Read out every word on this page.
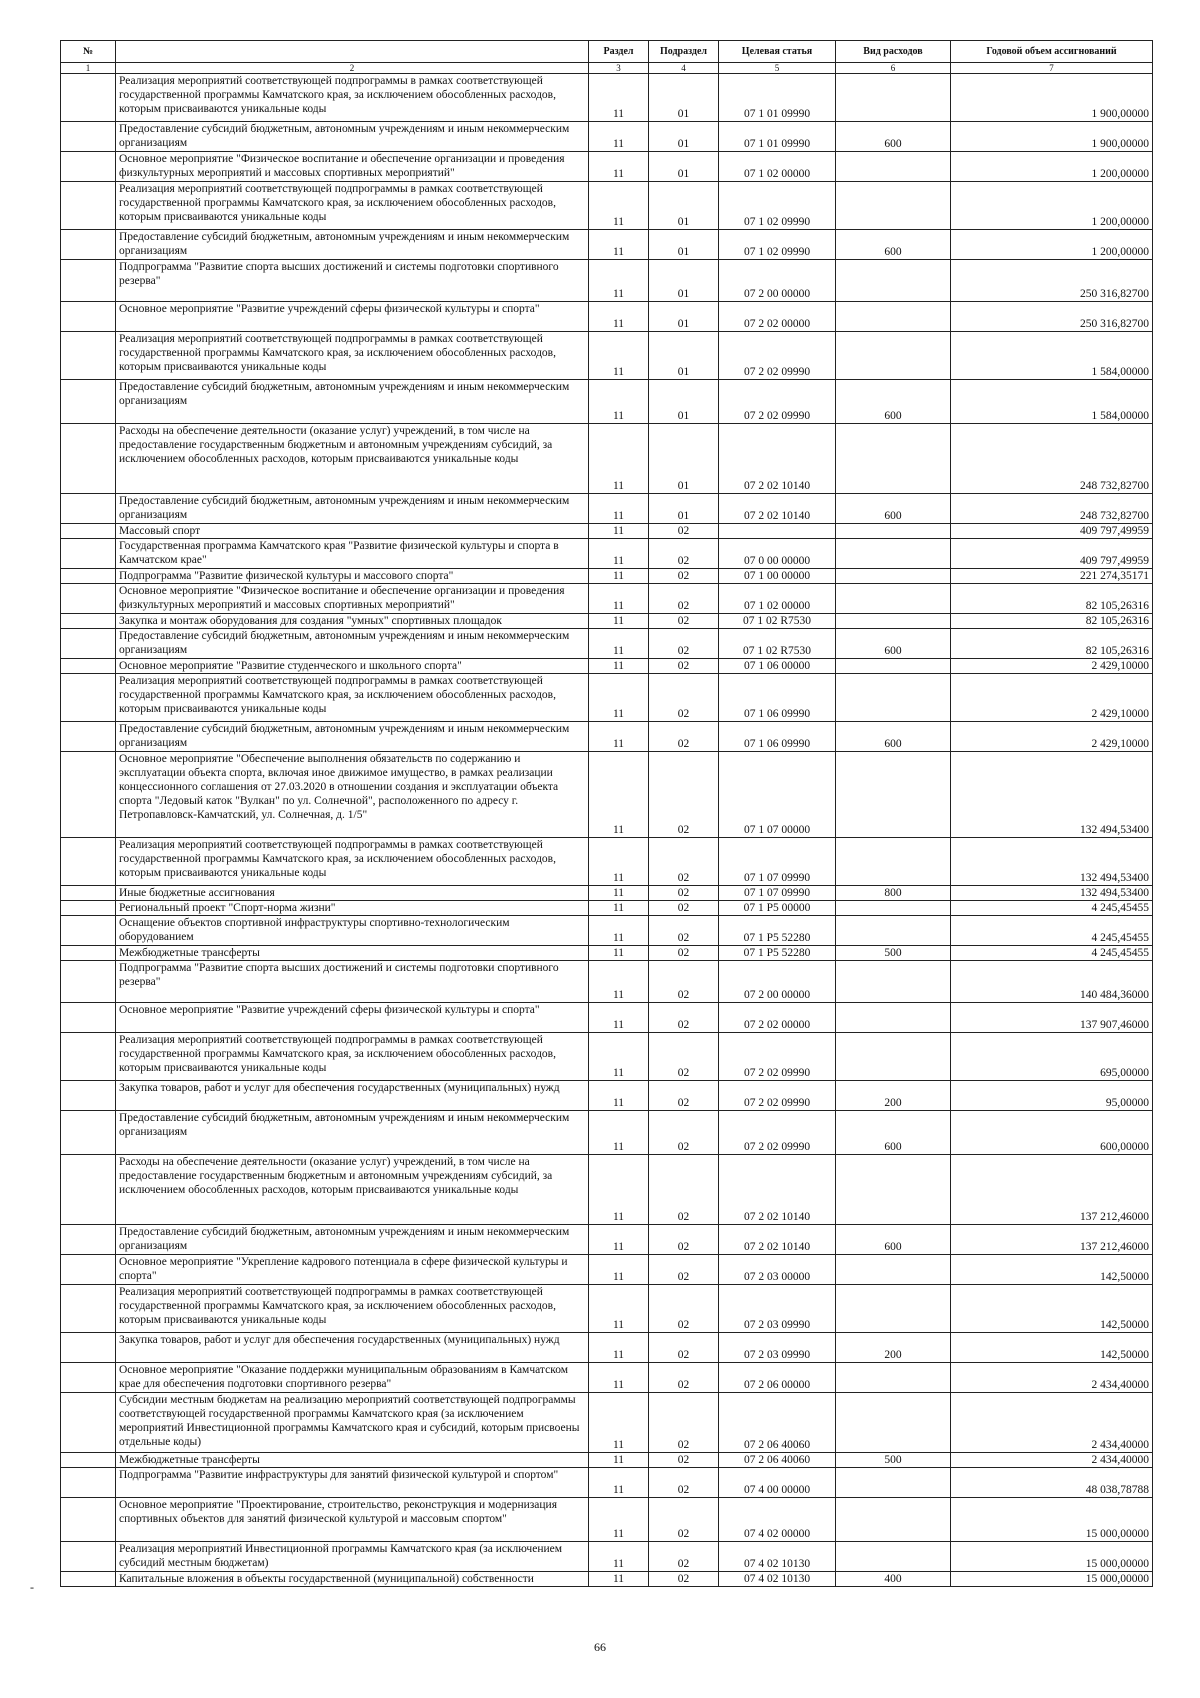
№		Раздел	Подраздел	Целевая статья	Вид расходов	Годовой объем ассигнований
1	2	3	4	5	6	7
	Реализация мероприятий соответствующей подпрограммы в рамках соответствующей государственной программы Камчатского края, за исключением обособленных расходов, которым присваиваются уникальные коды	11	01	07 1 01 09990		1 900,00000
	Предоставление субсидий бюджетным, автономным учреждениям и иным некоммерческим организациям	11	01	07 1 01 09990	600	1 900,00000
	Основное мероприятие "Физическое воспитание и обеспечение организации и проведения физкультурных мероприятий и массовых спортивных мероприятий"	11	01	07 1 02 00000		1 200,00000
	Реализация мероприятий соответствующей подпрограммы в рамках соответствующей государственной программы Камчатского края, за исключением обособленных расходов, которым присваиваются уникальные коды	11	01	07 1 02 09990		1 200,00000
	Предоставление субсидий бюджетным, автономным учреждениям и иным некоммерческим организациям	11	01	07 1 02 09990	600	1 200,00000
	Подпрограмма "Развитие спорта высших достижений и системы подготовки спортивного резерва"	11	01	07 2 00 00000		250 316,82700
	Основное мероприятие "Развитие учреждений сферы физической культуры и спорта"	11	01	07 2 02 00000		250 316,82700
	Реализация мероприятий соответствующей подпрограммы в рамках соответствующей государственной программы Камчатского края, за исключением обособленных расходов, которым присваиваются уникальные коды	11	01	07 2 02 09990		1 584,00000
	Предоставление субсидий бюджетным, автономным учреждениям и иным некоммерческим организациям	11	01	07 2 02 09990	600	1 584,00000
	Расходы на обеспечение деятельности (оказание услуг) учреждений, в том числе на предоставление государственным бюджетным и автономным учреждениям субсидий, за исключением обособленных расходов, которым присваиваются уникальные коды	11	01	07 2 02 10140		248 732,82700
	Предоставление субсидий бюджетным, автономным учреждениям и иным некоммерческим организациям	11	01	07 2 02 10140	600	248 732,82700
	Массовый спорт	11	02			409 797,49959
	Государственная программа Камчатского края "Развитие физической культуры и спорта в Камчатском крае"	11	02	07 0 00 00000		409 797,49959
	Подпрограмма "Развитие физической культуры и массового спорта"	11	02	07 1 00 00000		221 274,35171
	Основное мероприятие "Физическое воспитание и обеспечение организации и проведения физкультурных мероприятий и массовых спортивных мероприятий"	11	02	07 1 02 00000		82 105,26316
	Закупка и монтаж оборудования для создания "умных" спортивных площадок	11	02	07 1 02 R7530		82 105,26316
	Предоставление субсидий бюджетным, автономным учреждениям и иным некоммерческим организациям	11	02	07 1 02 R7530	600	82 105,26316
	Основное мероприятие "Развитие студенческого и школьного спорта"	11	02	07 1 06 00000		2 429,10000
	Реализация мероприятий соответствующей подпрограммы в рамках соответствующей государственной программы Камчатского края, за исключением обособленных расходов, которым присваиваются уникальные коды	11	02	07 1 06 09990		2 429,10000
	Предоставление субсидий бюджетным, автономным учреждениям и иным некоммерческим организациям	11	02	07 1 06 09990	600	2 429,10000
	Основное мероприятие "Обеспечение выполнения обязательств по содержанию и эксплуатации объекта спорта, включая иное движимое имущество, в рамках реализации концессионного соглашения от 27.03.2020 в отношении создания и эксплуатации объекта спорта "Ледовый каток "Вулкан" по ул. Солнечной", расположенного по адресу г. Петропавловск-Камчатский, ул. Солнечная, д. 1/5"	11	02	07 1 07 00000		132 494,53400
	Реализация мероприятий соответствующей подпрограммы в рамках соответствующей государственной программы Камчатского края, за исключением обособленных расходов, которым присваиваются уникальные коды	11	02	07 1 07 09990		132 494,53400
	Иные бюджетные ассигнования	11	02	07 1 07 09990	800	132 494,53400
	Региональный проект "Спорт-норма жизни"	11	02	07 1 P5 00000		4 245,45455
	Оснащение объектов спортивной инфраструктуры спортивно-технологическим оборудованием	11	02	07 1 P5 52280		4 245,45455
	Межбюджетные трансферты	11	02	07 1 P5 52280	500	4 245,45455
	Подпрограмма "Развитие спорта высших достижений и системы подготовки спортивного резерва"	11	02	07 2 00 00000		140 484,36000
	Основное мероприятие "Развитие учреждений сферы физической культуры и спорта"	11	02	07 2 02 00000		137 907,46000
	Реализация мероприятий соответствующей подпрограммы в рамках соответствующей государственной программы Камчатского края, за исключением обособленных расходов, которым присваиваются уникальные коды	11	02	07 2 02 09990		695,00000
	Закупка товаров, работ и услуг для обеспечения государственных (муниципальных) нужд	11	02	07 2 02 09990	200	95,00000
	Предоставление субсидий бюджетным, автономным учреждениям и иным некоммерческим организациям	11	02	07 2 02 09990	600	600,00000
	Расходы на обеспечение деятельности (оказание услуг) учреждений, в том числе на предоставление государственным бюджетным и автономным учреждениям субсидий, за исключением обособленных расходов, которым присваиваются уникальные коды	11	02	07 2 02 10140		137 212,46000
	Предоставление субсидий бюджетным, автономным учреждениям и иным некоммерческим организациям	11	02	07 2 02 10140	600	137 212,46000
	Основное мероприятие "Укрепление кадрового потенциала в сфере физической культуры и спорта"	11	02	07 2 03 00000		142,50000
	Реализация мероприятий соответствующей подпрограммы в рамках соответствующей государственной программы Камчатского края, за исключением обособленных расходов, которым присваиваются уникальные коды	11	02	07 2 03 09990		142,50000
	Закупка товаров, работ и услуг для обеспечения государственных (муниципальных) нужд	11	02	07 2 03 09990	200	142,50000
	Основное мероприятие "Оказание поддержки муниципальным образованиям в Камчатском крае для обеспечения подготовки спортивного резерва"	11	02	07 2 06 00000		2 434,40000
	Субсидии местным бюджетам на реализацию мероприятий соответствующей подпрограммы соответствующей государственной программы Камчатского края (за исключением мероприятий Инвестиционной программы Камчатского края и субсидий, которым присвоены отдельные коды)	11	02	07 2 06 40060		2 434,40000
	Межбюджетные трансферты	11	02	07 2 06 40060	500	2 434,40000
	Подпрограмма "Развитие инфраструктуры для занятий физической культурой и спортом"	11	02	07 4 00 00000		48 038,78788
	Основное мероприятие "Проектирование, строительство, реконструкция и модернизация спортивных объектов для занятий физической культурой и массовым спортом"	11	02	07 4 02 00000		15 000,00000
	Реализация мероприятий Инвестиционной программы Камчатского края (за исключением субсидий местным бюджетам)	11	02	07 4 02 10130		15 000,00000
	Капитальные вложения в объекты государственной (муниципальной) собственности	11	02	07 4 02 10130	400	15 000,00000
-
66
